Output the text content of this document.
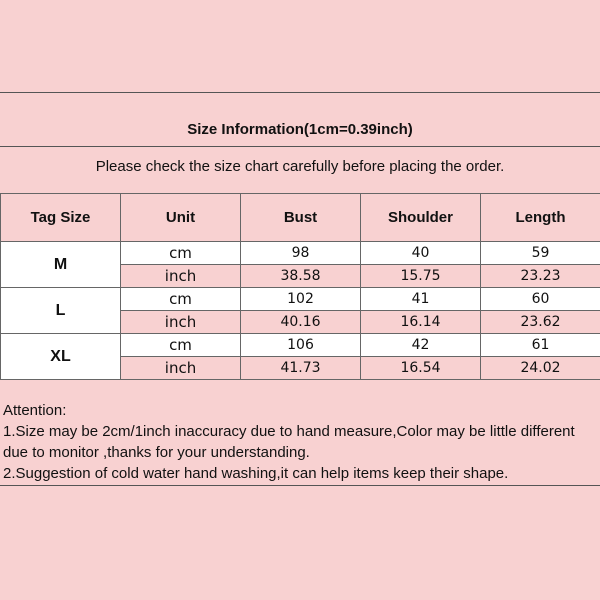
Size Information(1cm=0.39inch)
Please check the size chart carefully before placing the order.
Tag Size	Unit	Bust	Shoulder	Length
M	cm	98	40	59
	inch	38.58	15.75	23.23
L	cm	102	41	60
	inch	40.16	16.14	23.62
XL	cm	106	42	61
	inch	41.73	16.54	24.02
Attention:
1.Size may be 2cm/1inch inaccuracy due to hand measure,Color may be little different due to monitor ,thanks for your understanding.
2.Suggestion of cold water hand washing,it can help items keep their shape.
